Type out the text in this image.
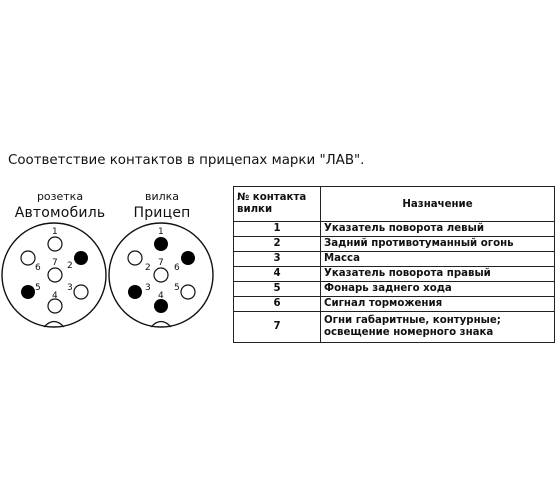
Соответствие контактов в прицепах марки "ЛАВ".
розетка
Автомобиль
1
2
3
4
5
6 7
1
2
3
4
5
6
7
вилка
Прицеп
№ контакта вилки	Назначение
1	Указатель поворота левый
2	Задний противотуманный огонь
3	Масса
4	Указатель поворота правый
5	Фонарь заднего хода
6	Сигнал торможения
7	Огни габаритные, контурные; освещение номерного знака
